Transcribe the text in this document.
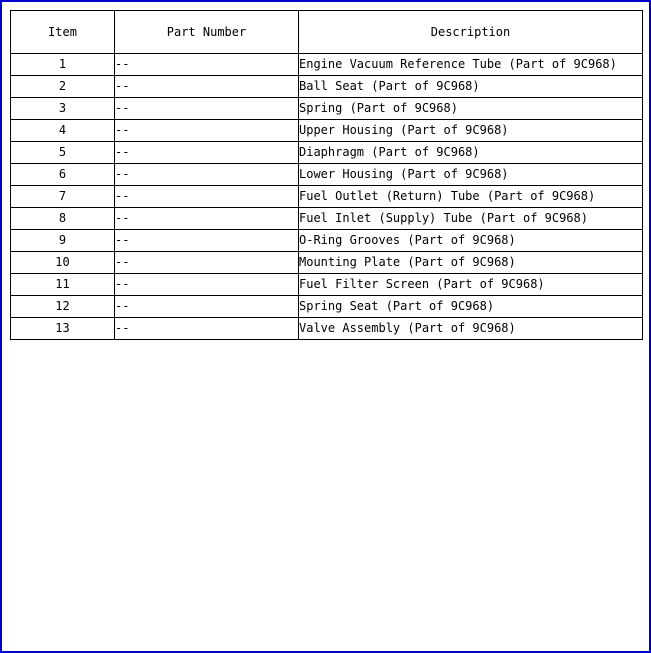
Item	Part Number	Description
1	--	Engine Vacuum Reference Tube (Part of 9C968)
2	--	Ball Seat (Part of 9C968)
3	--	Spring (Part of 9C968)
4	--	Upper Housing (Part of 9C968)
5	--	Diaphragm (Part of 9C968)
6	--	Lower Housing (Part of 9C968)
7	--	Fuel Outlet (Return) Tube (Part of 9C968)
8	--	Fuel Inlet (Supply) Tube (Part of 9C968)
9	--	O-Ring Grooves (Part of 9C968)
10	--	Mounting Plate (Part of 9C968)
11	--	Fuel Filter Screen (Part of 9C968)
12	--	Spring Seat (Part of 9C968)
13	--	Valve Assembly (Part of 9C968)
